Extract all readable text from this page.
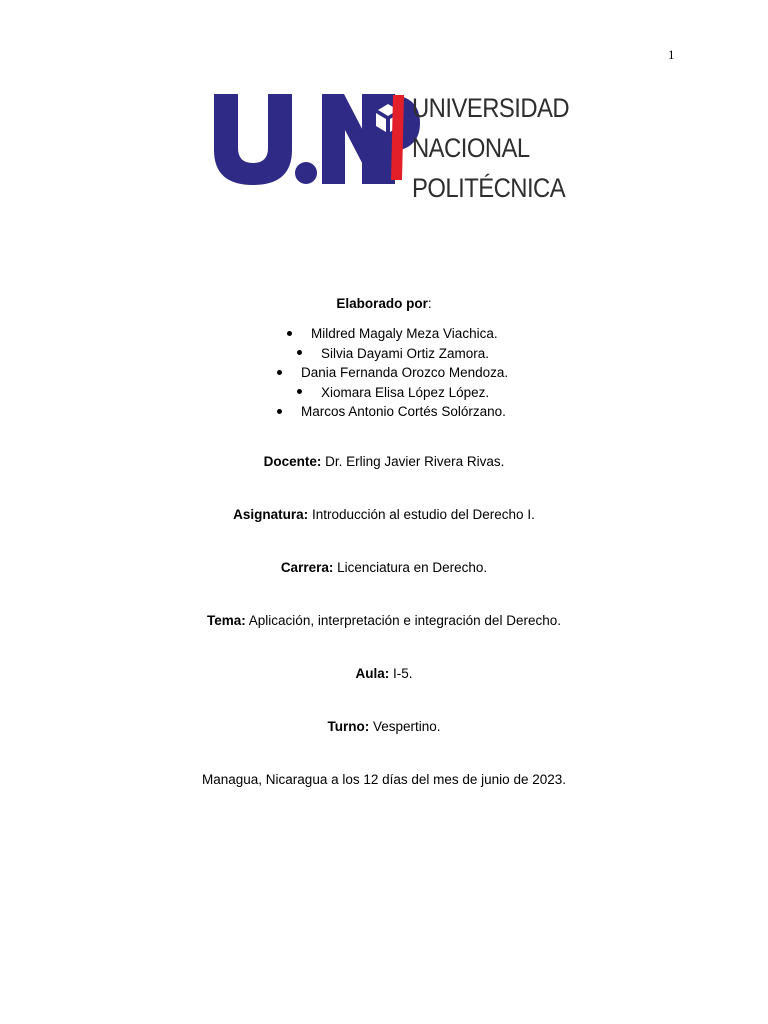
1
UNIVERSIDAD
NACIONAL
POLITÉCNICA
Elaborado por:
Mildred Magaly Meza Viachica.
Silvia Dayami Ortiz Zamora.
Dania Fernanda Orozco Mendoza.
Xiomara Elisa López López.
Marcos Antonio Cortés Solórzano.
Docente: Dr. Erling Javier Rivera Rivas.
Asignatura: Introducción al estudio del Derecho I.
Carrera: Licenciatura en Derecho.
Tema: Aplicación, interpretación e integración del Derecho.
Aula: I-5.
Turno: Vespertino.
Managua, Nicaragua a los 12 días del mes de junio de 2023.
